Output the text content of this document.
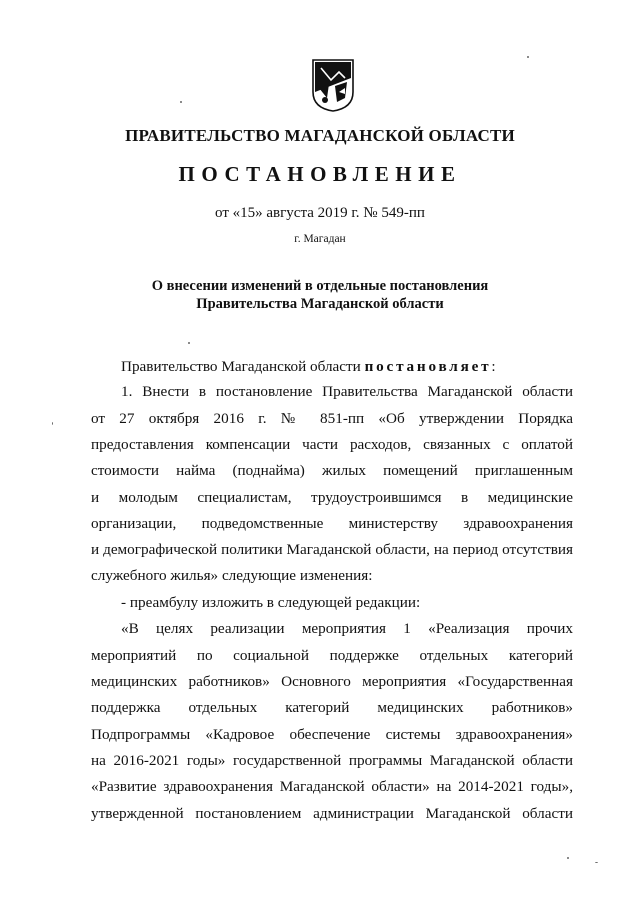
ПРАВИТЕЛЬСТВО МАГАДАНСКОЙ ОБЛАСТИ
ПОСТАНОВЛЕНИЕ
от «15» августа 2019 г. № 549-пп
г. Магадан
О внесении изменений в отдельные постановления
Правительства Магаданской области
Правительство Магаданской области постановляет:
1. Внести в постановление Правительства Магаданской области
от 27 октября 2016 г. № 851-пп «Об утверждении Порядка
предоставления компенсации части расходов, связанных с оплатой
стоимости найма (поднайма) жилых помещений приглашенным
и молодым специалистам, трудоустроившимся в медицинские
организации, подведомственные министерству здравоохранения
и демографической политики Магаданской области, на период отсутствия
служебного жилья» следующие изменения:
- преамбулу изложить в следующей редакции:
«В целях реализации мероприятия 1 «Реализация прочих
мероприятий по социальной поддержке отдельных категорий
медицинских работников» Основного мероприятия «Государственная
поддержка отдельных категорий медицинских работников»
Подпрограммы «Кадровое обеспечение системы здравоохранения»
на 2016-2021 годы» государственной программы Магаданской области
«Развитие здравоохранения Магаданской области» на 2014-2021 годы»,
утвержденной постановлением администрации Магаданской области
